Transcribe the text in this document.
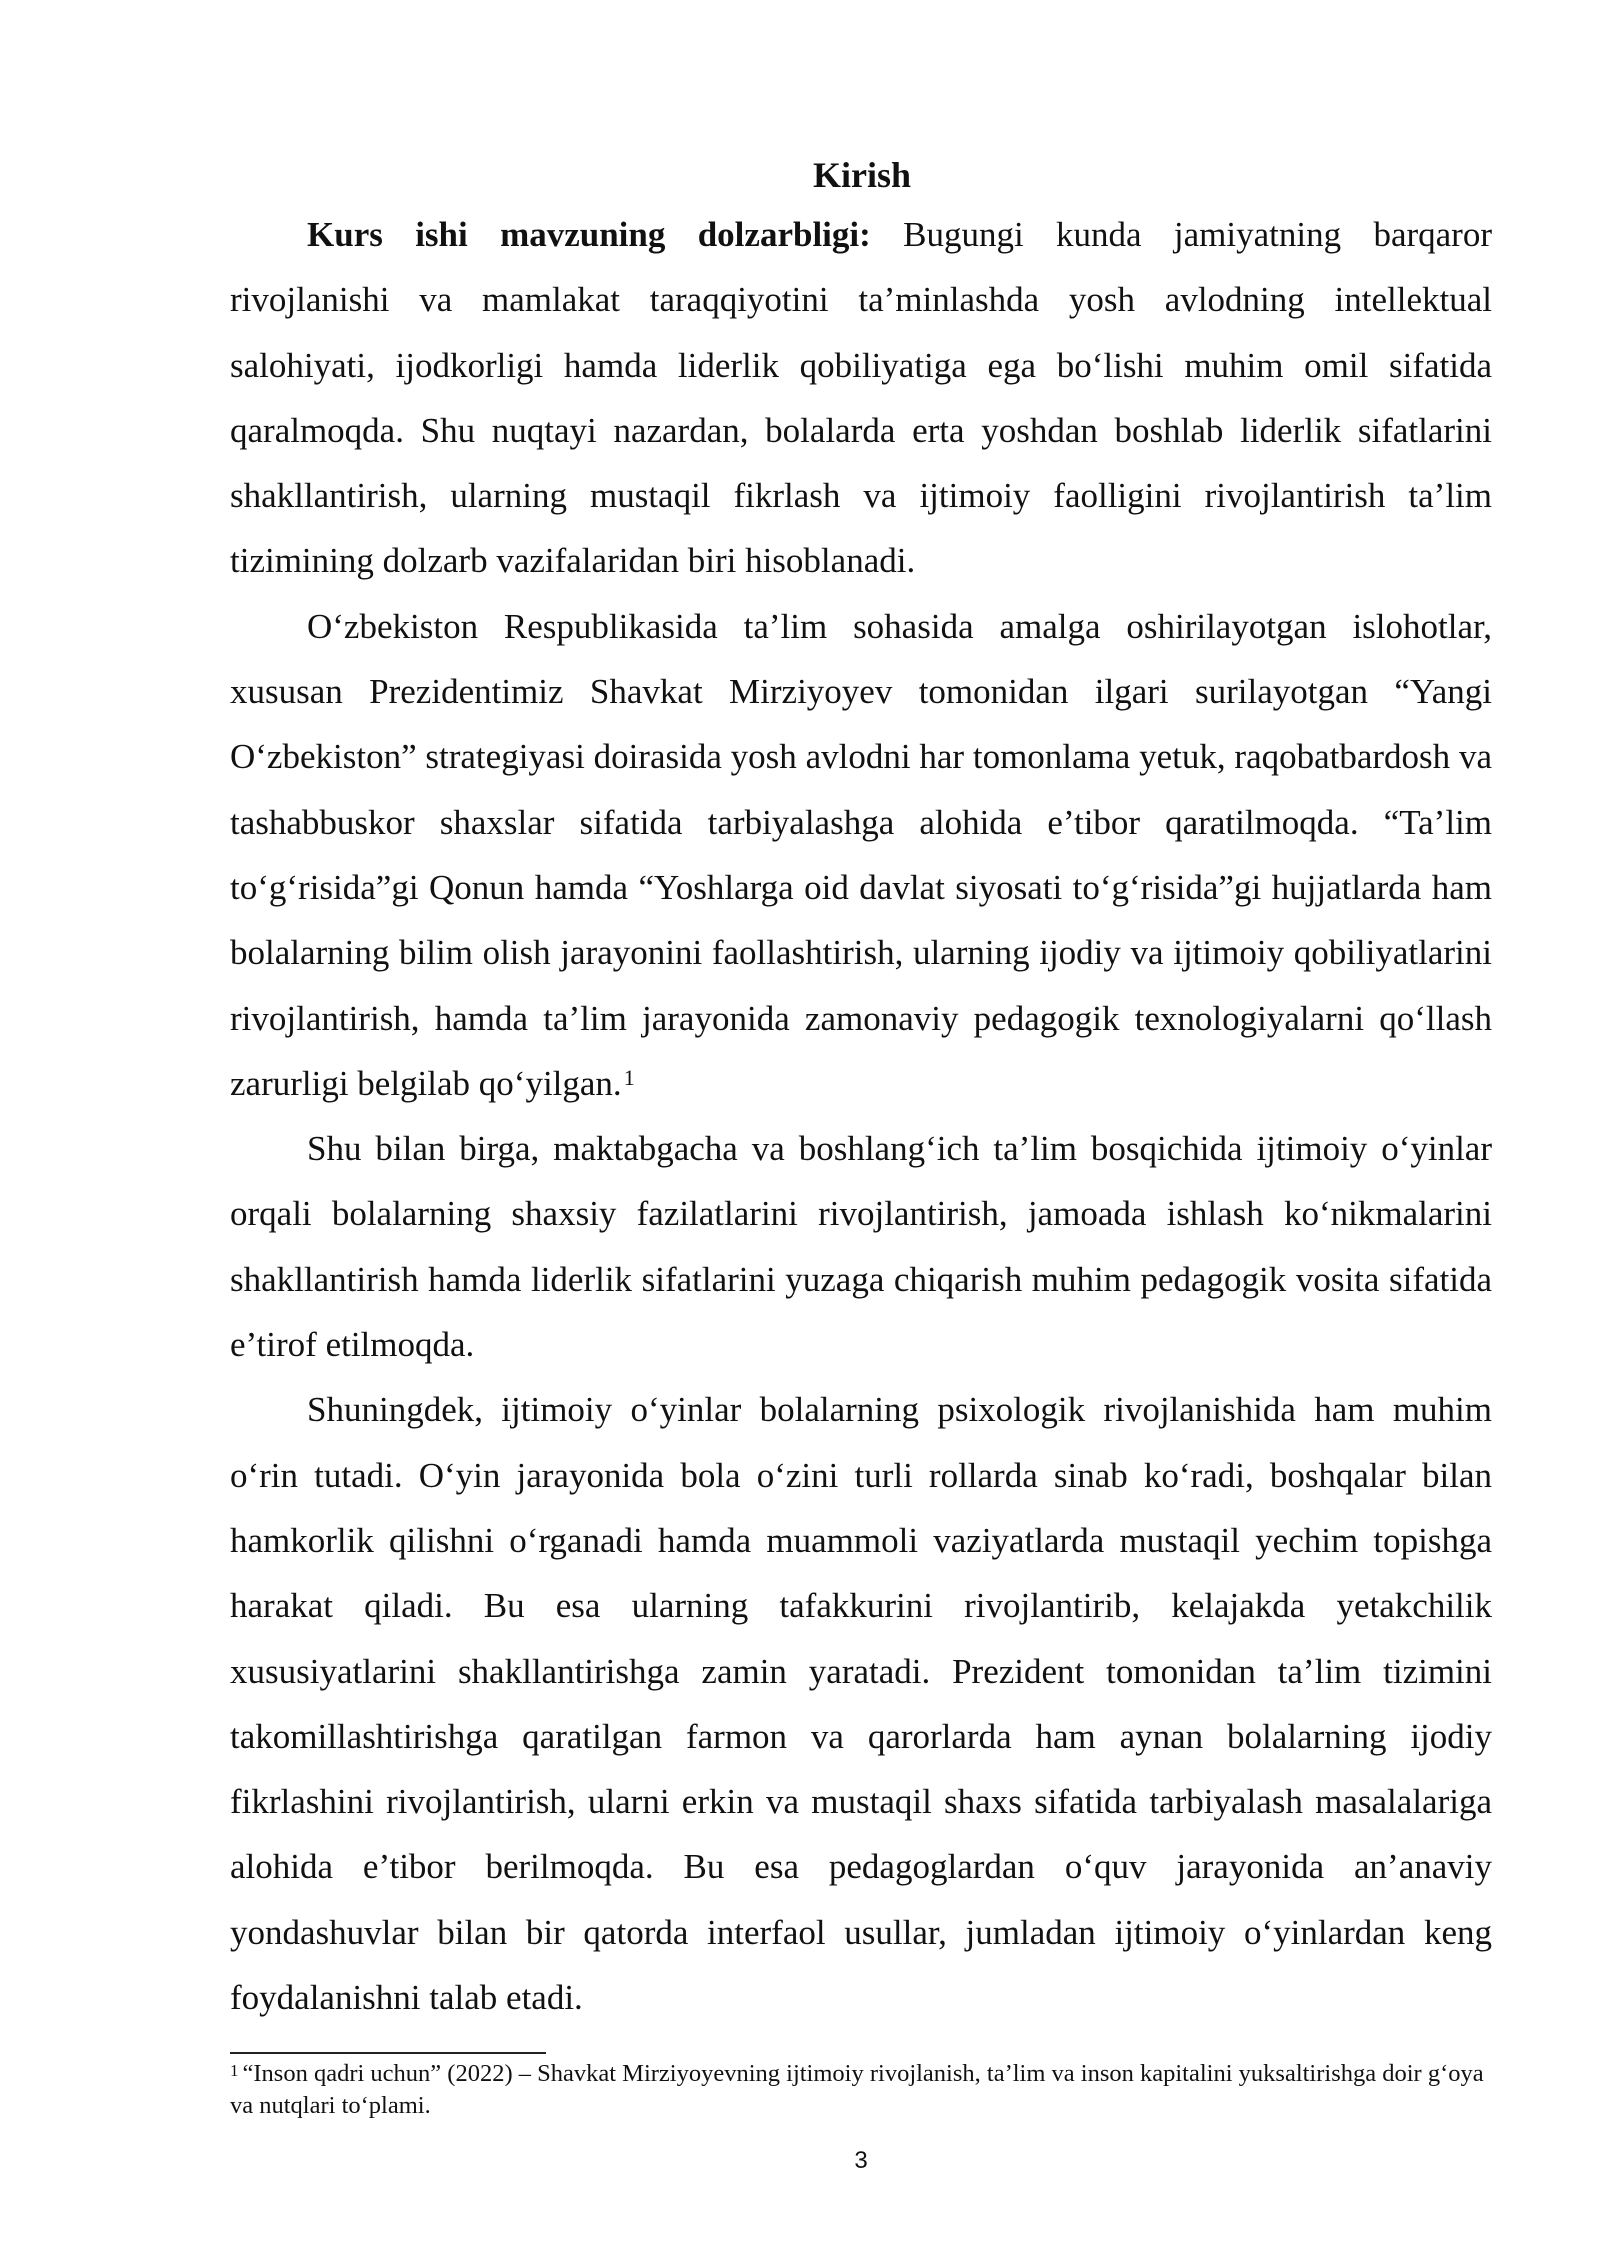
Kirish

Kurs ishi mavzuning dolzarbligi: Bugungi kunda jamiyatning barqaror rivojlanishi va mamlakat taraqqiyotini ta’minlashda yosh avlodning intellektual salohiyati, ijodkorligi hamda liderlik qobiliyatiga ega bo‘lishi muhim omil sifatida qaralmoqda. Shu nuqtayi nazardan, bolalarda erta yoshdan boshlab liderlik sifatlarini shakllantirish, ularning mustaqil fikrlash va ijtimoiy faolligini rivojlantirish ta’lim tizimining dolzarb vazifalaridan biri hisoblanadi.

O‘zbekiston Respublikasida ta’lim sohasida amalga oshirilayotgan islohotlar, xususan Prezidentimiz Shavkat Mirziyoyev tomonidan ilgari surilayotgan “Yangi O‘zbekiston” strategiyasi doirasida yosh avlodni har tomonlama yetuk, raqobatbardosh va tashabbuskor shaxslar sifatida tarbiyalashga alohida e’tibor qaratilmoqda. “Ta’lim to‘g‘risida”gi Qonun hamda “Yoshlarga oid davlat siyosati to‘g‘risida”gi hujjatlarda ham bolalarning bilim olish jarayonini faollashtirish, ularning ijodiy va ijtimoiy qobiliyatlarini rivojlantirish, hamda ta’lim jarayonida zamonaviy pedagogik texnologiyalarni qo‘llash zarurligi belgilab qo‘yilgan.$^1$

Shu bilan birga, maktabgacha va boshlang‘ich ta’lim bosqichida ijtimoiy o‘yinlar orqali bolalarning shaxsiy fazilatlarini rivojlantirish, jamoada ishlash ko‘nikmalarini shakllantirish hamda liderlik sifatlarini yuzaga chiqarish muhim pedagogik vosita sifatida e’tirof etilmoqda.

Shuningdek, ijtimoiy o‘yinlar bolalarning psixologik rivojlanishida ham muhim o‘rin tutadi. O‘yin jarayonida bola o‘zini turli rollarda sinab ko‘radi, boshqalar bilan hamkorlik qilishni o‘rganadi hamda muammoli vaziyatlarda mustaqil yechim topishga harakat qiladi. Bu esa ularning tafakkurini rivojlantirib, kelajakda yetakchilik xususiyatlarini shakllantirishga zamin yaratadi. Prezident tomonidan ta’lim tizimini takomillashtirishga qaratilgan farmon va qarorlarda ham aynan bolalarning ijodiy fikrlashini rivojlantirish, ularni erkin va mustaqil shaxs sifatida tarbiyalash masalalariga alohida e’tibor berilmoqda. Bu esa pedagoglardan o‘quv jarayonida an’anaviy yondashuvlar bilan bir qatorda interfaol usullar, jumladan ijtimoiy o‘yinlardan keng foydalanishni talab etadi.

$^1$ “Inson qadri uchun” (2022) – Shavkat Mirziyoyevning ijtimoiy rivojlanish, ta’lim va inson kapitalini yuksaltirishga doir g‘oya va nutqlari to‘plami.

3
